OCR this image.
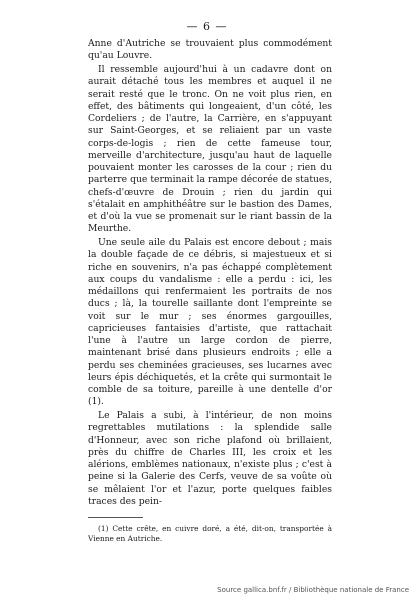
— 6 —

Anne d'Autriche se trouvaient plus commodément qu'au Louvre.

Il ressemble aujourd'hui à un cadavre dont on aurait détaché tous les membres et auquel il ne serait resté que le tronc. On ne voit plus rien, en effet, des bâtiments qui longeaient, d'un côté, les Cordeliers ; de l'autre, la Carrière, en s'appuyant sur Saint-Georges, et se reliaient par un vaste corps-de-logis ; rien de cette fameuse tour, merveille d'architecture, jusqu'au haut de laquelle pouvaient monter les carosses de la cour ; rien du parterre que terminait la rampe décorée de statues, chefs-d'œuvre de Drouin ; rien du jardin qui s'étalait en amphithéâtre sur le bastion des Dames, et d'où la vue se promenait sur le riant bassin de la Meurthe.

Une seule aile du Palais est encore debout ; mais la double façade de ce débris, si majestueux et si riche en souvenirs, n'a pas échappé complètement aux coups du vandalisme : elle a perdu : ici, les médaillons qui renfermaient les portraits de nos ducs ; là, la tourelle saillante dont l'empreinte se voit sur le mur ; ses énormes gargouilles, capricieuses fantaisies d'artiste, que rattachait l'une à l'autre un large cordon de pierre, maintenant brisé dans plusieurs endroits ; elle a perdu ses cheminées gracieuses, ses lucarnes avec leurs épis déchiquetés, et la crête qui surmontait le comble de sa toiture, pareille à une dentelle d'or (1).

Le Palais a subi, à l'intérieur, de non moins regrettables mutilations : la splendide salle d'Honneur, avec son riche plafond où brillaient, près du chiffre de Charles III, les croix et les alérions, emblèmes nationaux, n'existe plus ; c'est à peine si la Galerie des Cerfs, veuve de sa voûte où se mêlaient l'or et l'azur, porte quelques faibles traces des pein-

(1) Cette crête, en cuivre doré, a été, dit-on, transportée à Vienne en Autriche.

Source gallica.bnf.fr / Bibliothèque nationale de France
